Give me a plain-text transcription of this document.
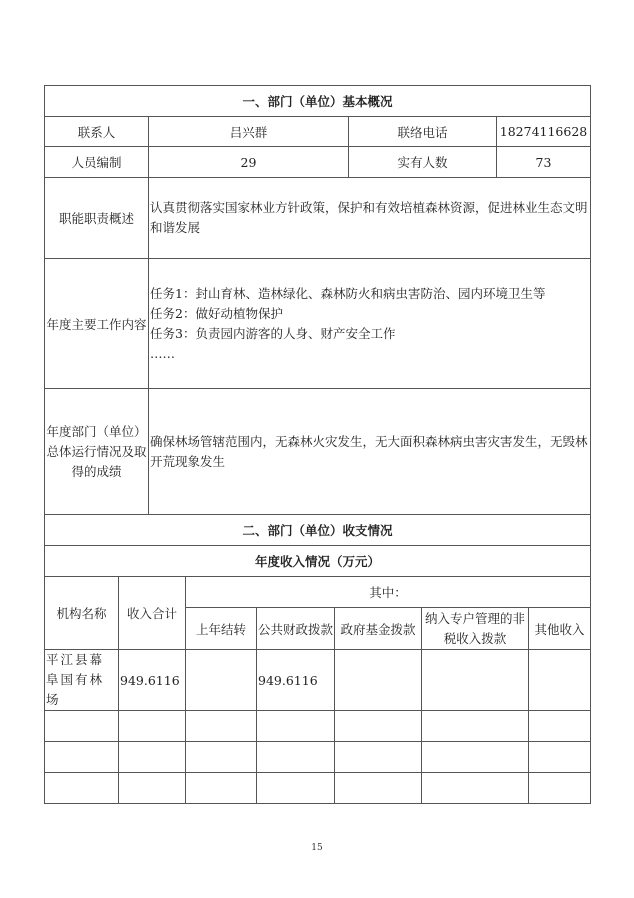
一、部门（单位）基本概况			
联系人	吕兴群	联络电话	18274116628
人员编制	29	实有人数	73
职能职责概述	认真贯彻落实国家林业方针政策，保护和有效培植森林资源，促进林业生态文明和谐发展		
年度主要工作内容	任务1：封山育林、造林绿化、森林防火和病虫害防治、园内环境卫生等
任务2：做好动植物保护
任务3：负责园内游客的人身、财产安全工作
……		

年度部门（单位）总体运行情况及取得的成绩	确保林场管辖范围内，无森林火灾发生，无大面积森林病虫害灾害发生，无毁林开荒现象发生		
二、部门（单位）收支情况						
年度收入情况（万元）						
机构名称	收入合计	其中：				
		上年结转	公共财政拨款	政府基金拨款	纳入专户管理的非税收入拨款	其他收入
平江县幕阜国有林场	949.6116		949.6116			

15
